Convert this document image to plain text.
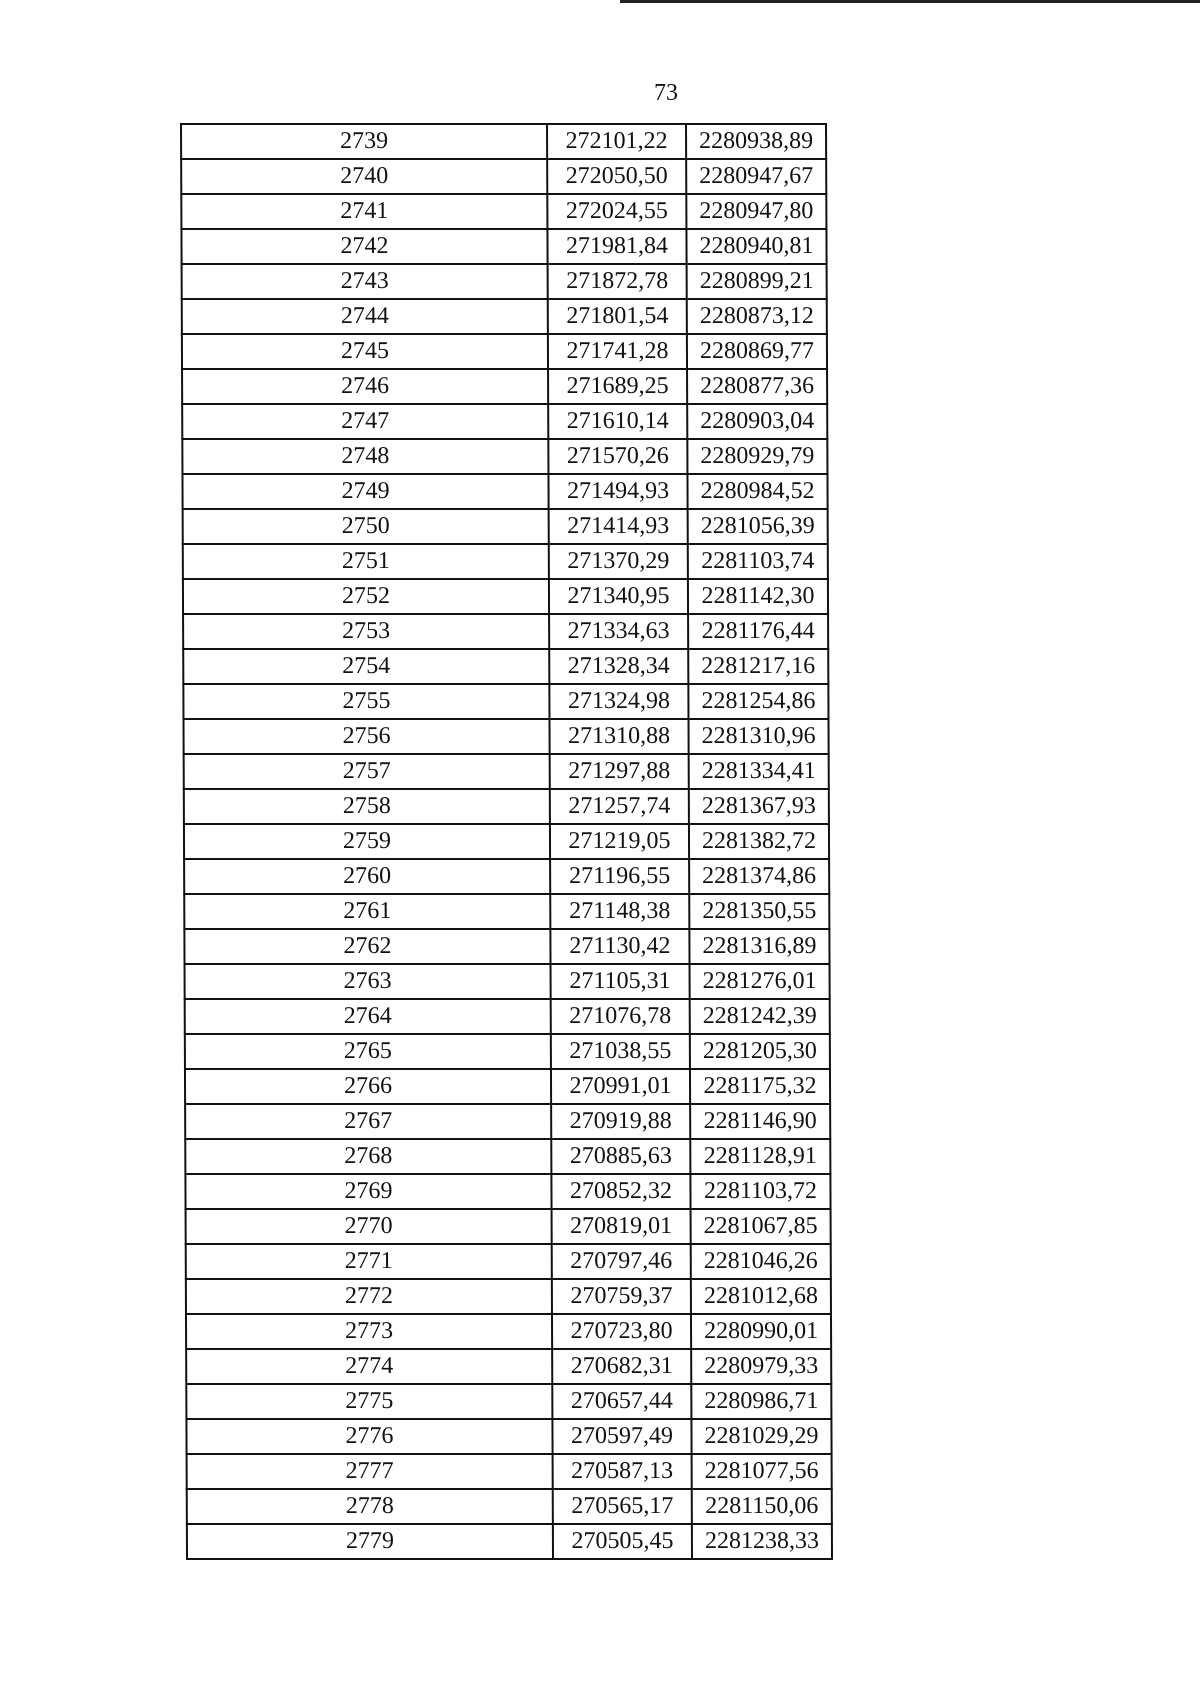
73
2739	272101,22	2280938,89
2740	272050,50	2280947,67
2741	272024,55	2280947,80
2742	271981,84	2280940,81
2743	271872,78	2280899,21
2744	271801,54	2280873,12
2745	271741,28	2280869,77
2746	271689,25	2280877,36
2747	271610,14	2280903,04
2748	271570,26	2280929,79
2749	271494,93	2280984,52
2750	271414,93	2281056,39
2751	271370,29	2281103,74
2752	271340,95	2281142,30
2753	271334,63	2281176,44
2754	271328,34	2281217,16
2755	271324,98	2281254,86
2756	271310,88	2281310,96
2757	271297,88	2281334,41
2758	271257,74	2281367,93
2759	271219,05	2281382,72
2760	271196,55	2281374,86
2761	271148,38	2281350,55
2762	271130,42	2281316,89
2763	271105,31	2281276,01
2764	271076,78	2281242,39
2765	271038,55	2281205,30
2766	270991,01	2281175,32
2767	270919,88	2281146,90
2768	270885,63	2281128,91
2769	270852,32	2281103,72
2770	270819,01	2281067,85
2771	270797,46	2281046,26
2772	270759,37	2281012,68
2773	270723,80	2280990,01
2774	270682,31	2280979,33
2775	270657,44	2280986,71
2776	270597,49	2281029,29
2777	270587,13	2281077,56
2778	270565,17	2281150,06
2779	270505,45	2281238,33
